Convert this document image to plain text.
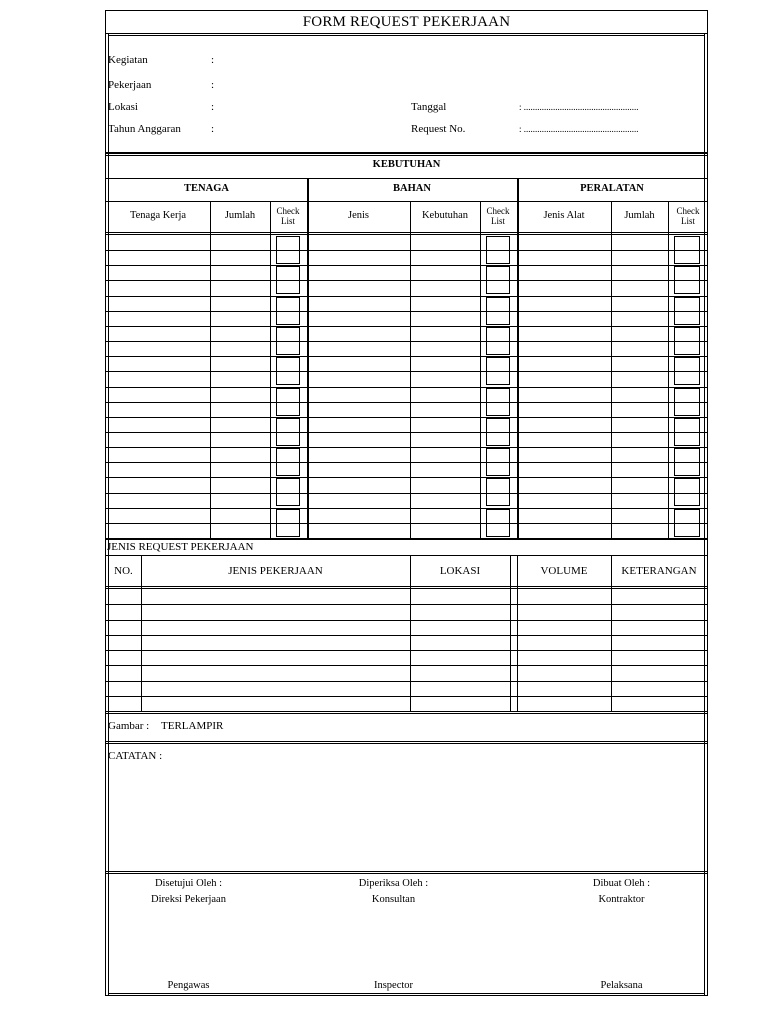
FORM REQUEST PEKERJAAN
Kegiatan	:
Pekerjaan	:
Lokasi	:
Tahun Anggaran	:
Tanggal	: ...................................................
Request No.	: ...................................................
KEBUTUHAN
TENAGA	BAHAN	PERALATAN
Tenaga Kerja	Jumlah	Check List	Jenis	Kebutuhan	Check List	Jenis Alat	Jumlah	Check List
JENIS REQUEST PEKERJAAN
NO.	JENIS PEKERJAAN	LOKASI	VOLUME	KETERANGAN
Gambar : TERLAMPIR
CATATAN :
Disetujui Oleh :
Direksi Pekerjaan
Pengawas
Diperiksa Oleh :
Konsultan
Inspector
Dibuat Oleh :
Kontraktor
Pelaksana
